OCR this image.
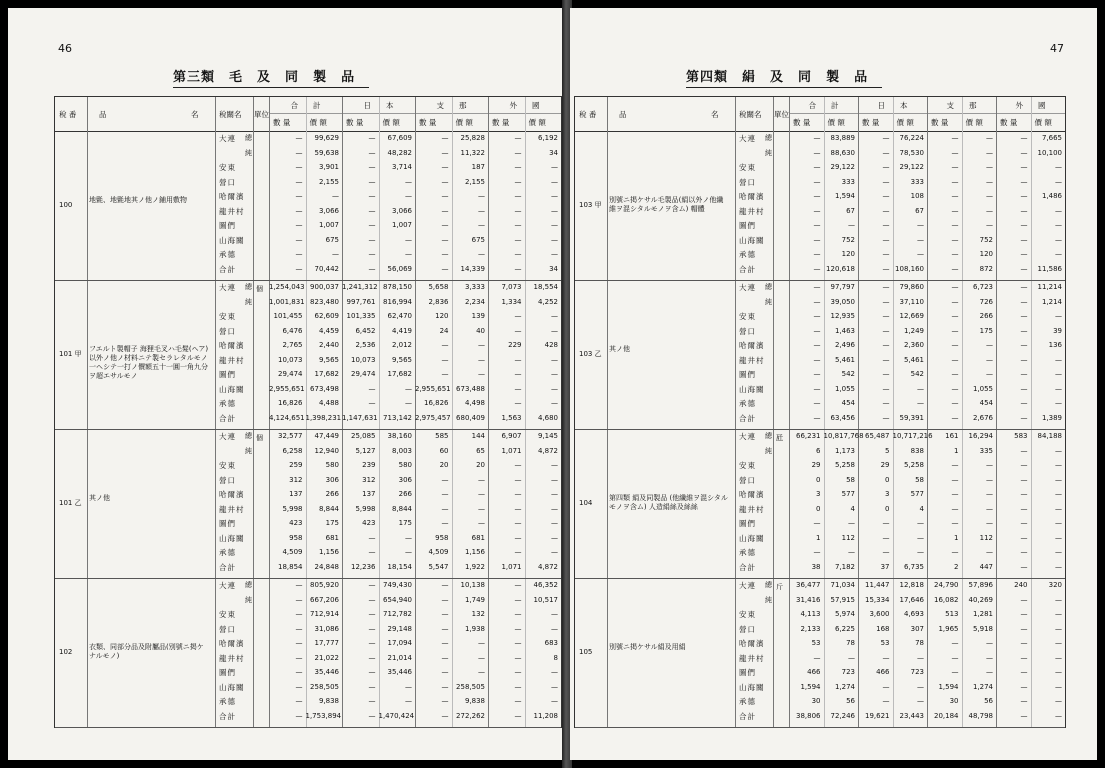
46
第三類 毛 及 同 製 品
稅 番	品	名	稅關名 單位
合　　計
數 量	價 額
日　　本
數 量	價 額
支　　那
數 量	價 額
外　　國
數 量	價 額
100
地氈、地氈地其ノ他ノ鋪用敷物
大連 總	—	99,629	—	67,609	—	25,828	—	6,192
純	—	59,638	—	48,282	—	11,322	—	34
安東	—	3,901	—	3,714	—	187	—	—
營口	—	2,155	—	—	—	2,155	—	—
哈爾濱	—	—	—	—	—	—	—	—
龍井村	—	3,066	—	3,066	—	—	—	—
圖們	—	1,007	—	1,007	—	—	—	—
山海關	—	675	—	—	—	675	—	—
承德	—	—	—	—	—	—	—	—
合計	—	70,442	—	56,069	—	14,339	—	34
101 甲
フエルト製帽子 海狸毛叉ハ毛髮(ヘア)以外ノ他ノ材料ニテ製セラレタルモノ一ヘシテ一打ノ價額五十一圓一角九分ヲ超エサルモノ
個
大連 總 1,254,043 900,037 1,241,312 878,150	5,658	3,333	7,073	18,554
純 1,001,831 823,480	997,761	816,994	2,836	2,234	1,334	4,252
安東	101,455	62,609	101,335	62,470	120	139	—	—
營口	6,476	4,459	6,452	4,419	24	40	—	—
哈爾濱	2,765	2,440	2,536	2,012	—	—	229	428
龍井村	10,073	9,565	10,073	9,565	—	—	—	—
圖們	29,474	17,682	29,474	17,682	—	—	—	—
山海關	2,955,651 673,498	—	— 2,955,651 673,488	—	—
承德	16,826	4,488	—	—	16,826	4,498	—	—
合計	4,124,651 1,398,231 1,147,631 713,142 2,975,457 680,409	1,563	4,680
101 乙
其ノ他
個
大連 總	32,577	47,449	25,085	38,160	585	144	6,907	9,145
純	6,258	12,940	5,127	8,003	60	65	1,071	4,872
安東	259	580	239	580	20	20	—	—
營口	312	306	312	306	—	—	—	—
哈爾濱	137	266	137	266	—	—	—	—
龍井村	5,998	8,844	5,998	8,844	—	—	—	—
圖們	423	175	423	175	—	—	—	—
山海關	958	681	—	—	958	681	—	—
承德	4,509	1,156	—	—	4,509	1,156	—	—
合計	18,854	24,848	12,236	18,154	5,547	1,922	1,071	4,872
102
衣類、同部分品及附屬品(別號ニ掲ケナルモノ)
大連 總	—	805,920	—	749,430	—	10,138	—	46,352
純	—	667,206	—	654,940	—	1,749	—	10,517
安東	—	712,914	—	712,782	—	132	—	—
營口	—	31,086	—	29,148	—	1,938	—	—
哈爾濱	—	17,777	—	17,094	—	—	—	683
龍井村	—	21,022	—	21,014	—	—	—	8
圖們	—	35,446	—	35,446	—	—	—	—
山海關	—	258,505	—	—	—	258,505	—	—
承德	—	9,838	—	—	—	9,838	—	—
合計	— 1,753,894	— 1,470,424	—	272,262	—	11,208
47
第四類 絹 及 同 製 品
稅 番	品	名	稅關名 單位
合　　計
數 量 價 額
日　　本
數 量 價 額
支　　那
數 量 價 額
外　　國
數 量 價 額
103 甲
別號ニ掲ケサル毛製品(絹以外ノ他纖維ヲ混シタルモノヲ含ム) 帽體
大連 總	—	83,889	—	76,224	—	—	—	7,665
純	—	88,630	—	78,530	—	—	—	10,100
安東	—	29,122	—	29,122	—	—	—	—
營口	—	333	—	333	—	—	—	—
哈爾濱	—	1,594	—	108	—	—	—	1,486
龍井村	—	67	—	67	—	—	—	—
圖們	—	—	—	—	—	—	—	—
山海關	—	752	—	—	—	752	—	—
承德	—	120	—	—	—	120	—	—
合計	— 120,618	— 108,160	—	872	—	11,586
103 乙
其ノ他
大連 總	—	97,797	—	79,860	—	6,723	—	11,214
純	—	39,050	—	37,110	—	726	—	1,214
安東	—	12,935	—	12,669	—	266	—	—
營口	—	1,463	—	1,249	—	175	—	39
哈爾濱	—	2,496	—	2,360	—	—	—	136
龍井村	—	5,461	—	5,461	—	—	—	—
圖們	—	542	—	542	—	—	—	—
山海關	—	1,055	—	—	—	1,055	—	—
承德	—	454	—	—	—	454	—	—
合計	—	63,456	—	59,391	—	2,676	—	1,389
104
第四類 絹及同製品 (他纖維ヲ混シタルモノヲ含ム) 人造絹絲及絲絲
瓩
大連 總	66,231 10,817,768 65,487 10,717,216	161	16,294	583	84,188
純	6	1,173	5	838	1	335	—	—
安東	29	5,258	29	5,258	—	—	—	—
營口	0	58	0	58	—	—	—	—
哈爾濱	3	577	3	577	—	—	—	—
龍井村	0	4	0	4	—	—	—	—
圖們	—	—	—	—	—	—	—	—
山海關	1	112	—	—	1	112	—	—
承德	—	—	—	—	—	—	—	—
合計	38	7,182	37	6,735	2	447	—	—
105
別號ニ掲ケサル絹及用絹
斤
大連 總	36,477	71,034	11,447	12,818	24,790	57,896	240	320
純	31,416	57,915	15,334	17,646	16,082	40,269	—	—
安東	4,113	5,974	3,600	4,693	513	1,281	—	—
營口	2,133	6,225	168	307	1,965	5,918	—	—
哈爾濱	53	78	53	78	—	—	—	—
龍井村	—	—	—	—	—	—	—	—
圖們	466	723	466	723	—	—	—	—
山海關	1,594	1,274	—	—	1,594	1,274	—	—
承德	30	56	—	—	30	56	—	—
合計	38,806	72,246	19,621	23,443	20,184	48,798	—	—
